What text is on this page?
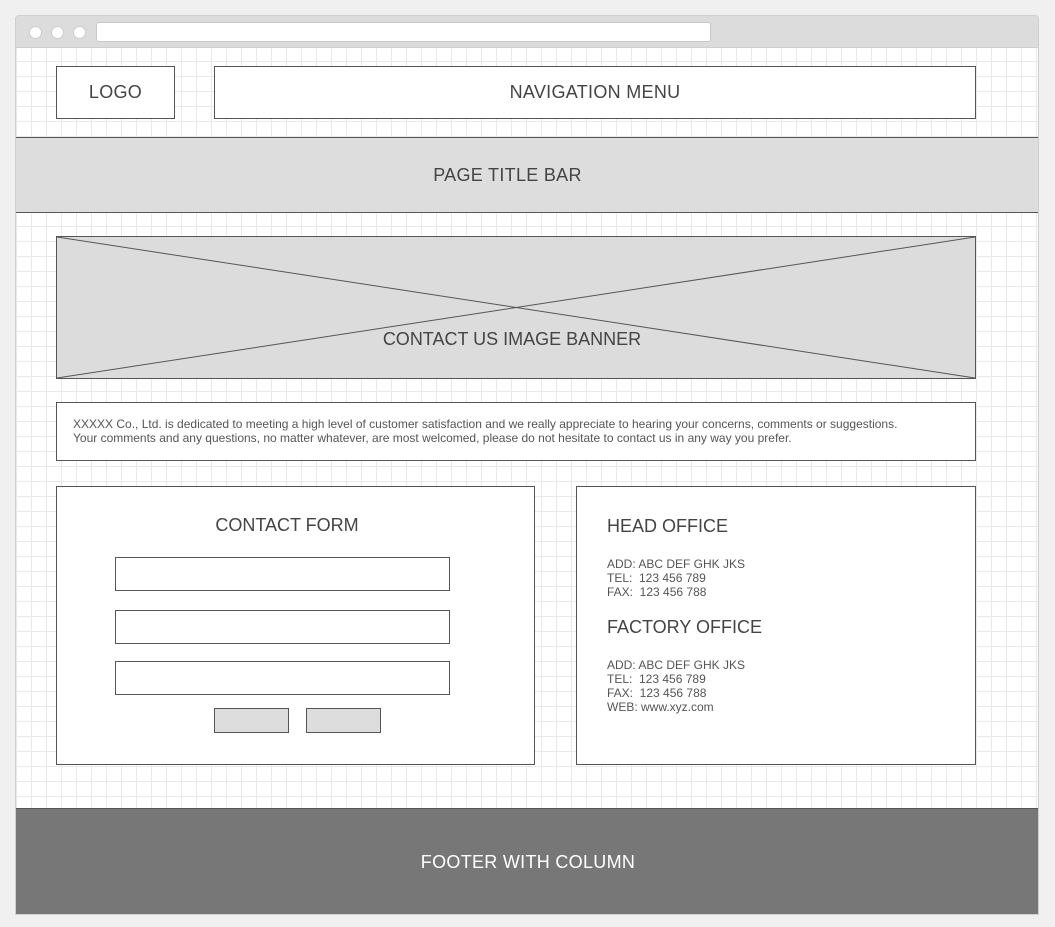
LOGO	NAVIGATION MENU
PAGE TITLE BAR
CONTACT US IMAGE BANNER
XXXXX Co., Ltd. is dedicated to meeting a high level of customer satisfaction and we really appreciate to hearing your concerns, comments or suggestions.
Your comments and any questions, no matter whatever, are most welcomed, please do not hesitate to contact us in any way you prefer.
CONTACT FORM	HEAD OFFICE
ADD: ABC DEF GHK JKS
TEL:  123 456 789
FAX:  123 456 788
FACTORY OFFICE
ADD: ABC DEF GHK JKS
TEL:  123 456 789
FAX:  123 456 788
WEB: www.xyz.com
FOOTER WITH COLUMN
